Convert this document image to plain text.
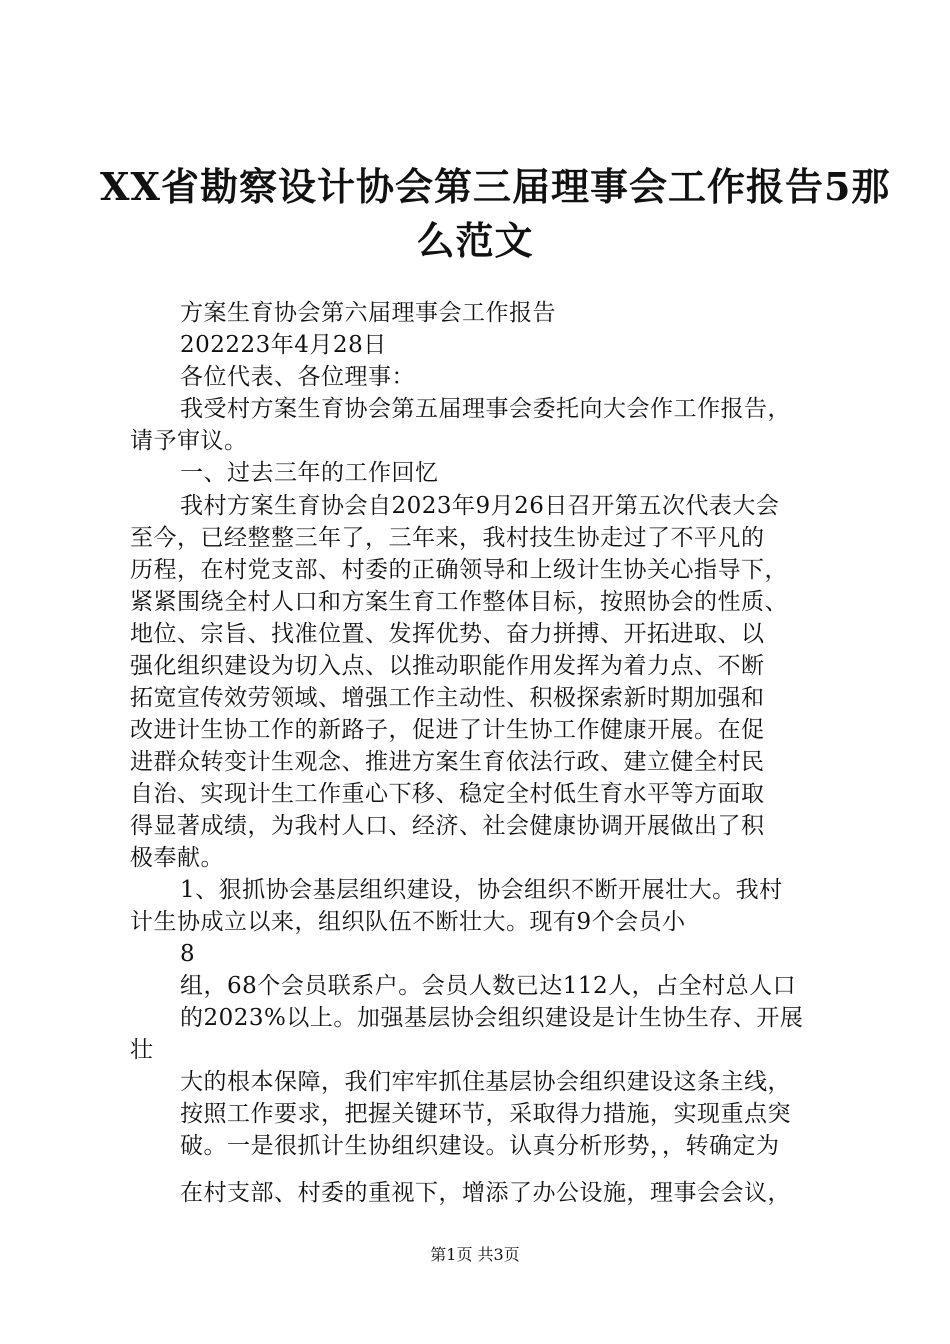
XX省勘察设计协会第三届理事会工作报告5那
么范文
方案生育协会第六届理事会工作报告
202223年4月28日
各位代表、各位理事：
我受村方案生育协会第五届理事会委托向大会作工作报告，
请予审议。
一、过去三年的工作回忆
我村方案生育协会自2023年9月26日召开第五次代表大会
至今，已经整整三年了，三年来，我村技生协走过了不平凡的
历程，在村党支部、村委的正确领导和上级计生协关心指导下，
紧紧围绕全村人口和方案生育工作整体目标，按照协会的性质、
地位、宗旨、找准位置、发挥优势、奋力拼搏、开拓进取、以
强化组织建设为切入点、以推动职能作用发挥为着力点、不断
拓宽宣传效劳领域、增强工作主动性、积极探索新时期加强和
改进计生协工作的新路子，促进了计生协工作健康开展。在促
进群众转变计生观念、推进方案生育依法行政、建立健全村民
自治、实现计生工作重心下移、稳定全村低生育水平等方面取
得显著成绩，为我村人口、经济、社会健康协调开展做出了积
极奉献。
1、狠抓协会基层组织建设，协会组织不断开展壮大。我村
计生协成立以来，组织队伍不断壮大。现有9个会员小
8
组，68个会员联系户。会员人数已达112人，占全村总人口
的2023%以上。加强基层协会组织建设是计生协生存、开展
壮
大的根本保障，我们牢牢抓住基层协会组织建设这条主线，
按照工作要求，把握关键环节，采取得力措施，实现重点突
破。一是很抓计生协组织建设。认真分析形势，，转确定为
在村支部、村委的重视下，增添了办公设施，理事会会议，
第1页 共3页
